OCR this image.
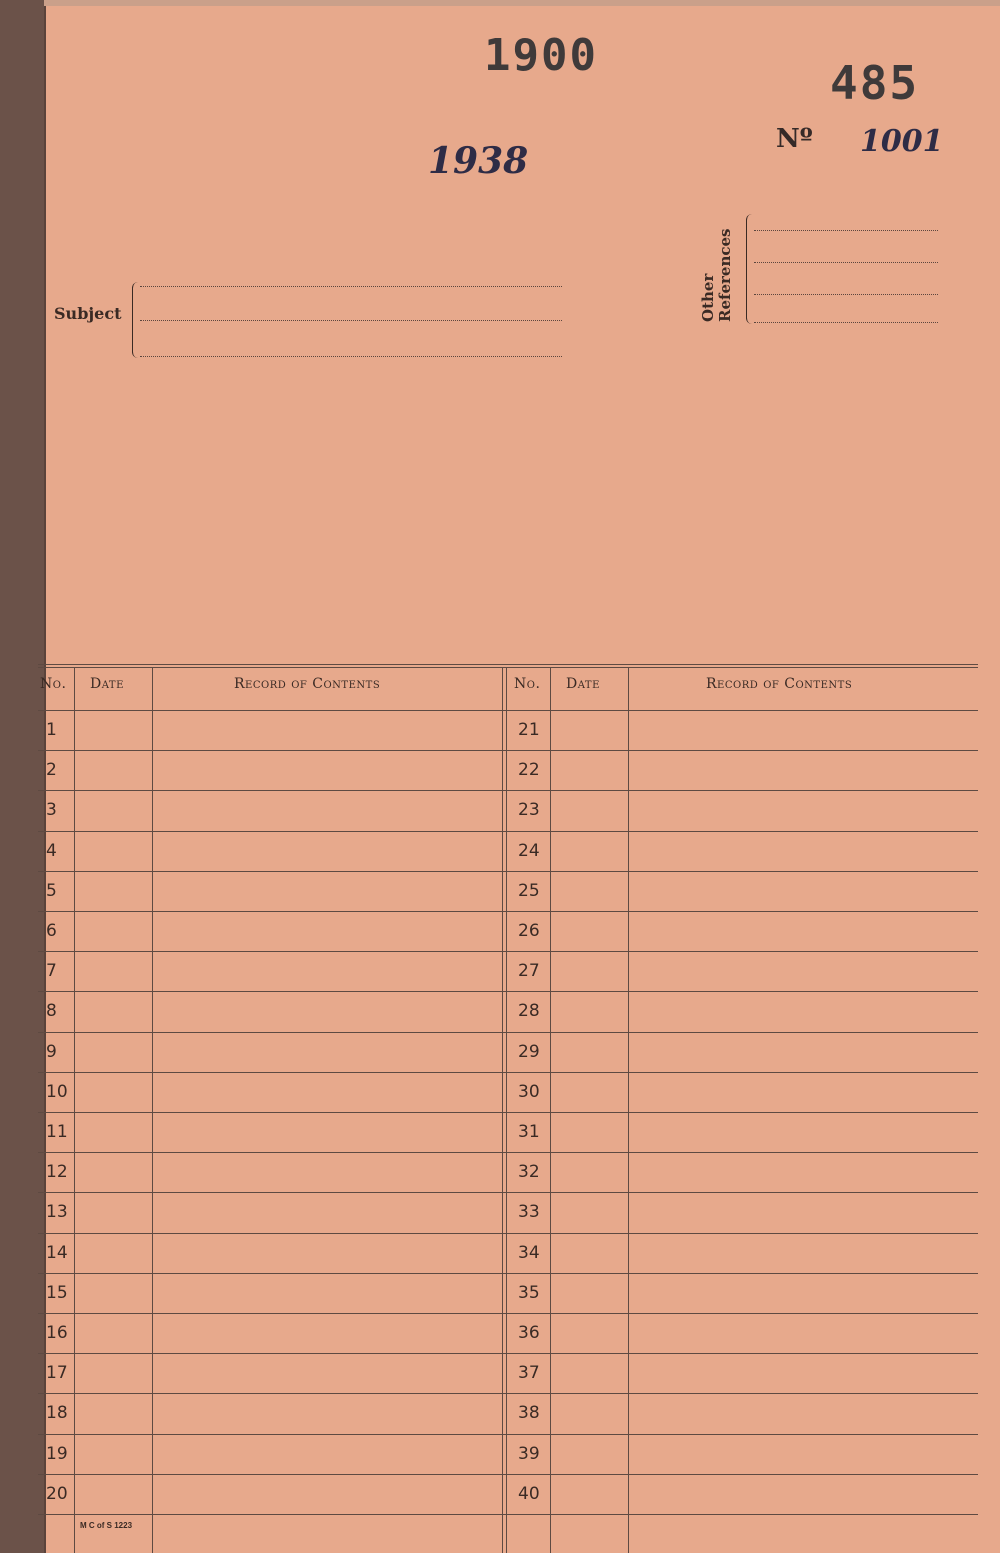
1900
485
Nº
1938	1001
Subject	Other References
No. Date	Record of Contents	No. Date	Record of Contents
1	21
2	22
3	23
4	24
5	25
6	26
7	27
8	28
9	29
10	30
11	31
12	32
13	33
14	34
15	35
16	36
17	37
18	38
19	39
20	40
M C of S 1223
